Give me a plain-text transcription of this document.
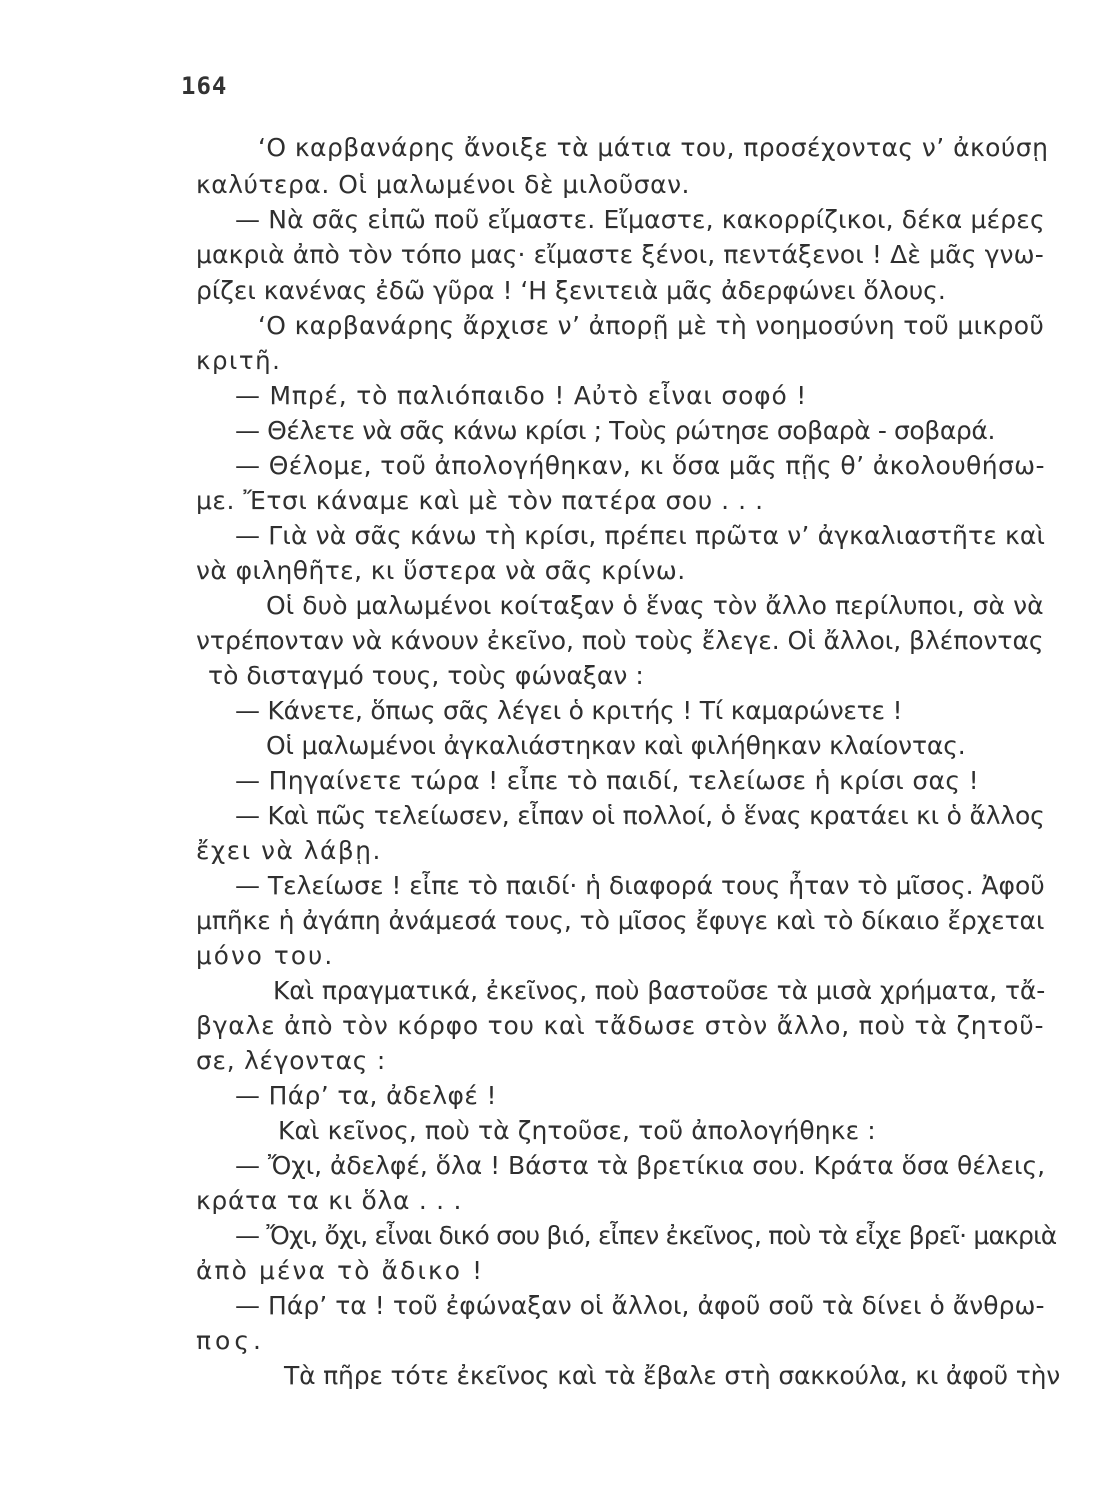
164
‘Ο καρβανάρης ἄνοιξε τὰ μάτια του, προσέχοντας ν’ ἀκούσῃ
καλύτερα. Οἱ μαλωμένοι δὲ μιλοῦσαν.
— Νὰ σᾶς εἰπῶ ποῦ εἴμαστε. Εἴμαστε, κακορρίζικοι, δέκα μέρες
μακριὰ ἀπὸ τὸν τόπο μας· εἴμαστε ξένοι, πεντάξενοι ! Δὲ μᾶς γνω-
ρίζει κανένας ἐδῶ γῦρα ! ‘Η ξενιτειὰ μᾶς ἀδερφώνει ὅλους.
‘Ο καρβανάρης ἄρχισε ν’ ἀπορῇ μὲ τὴ νοημοσύνη τοῦ μικροῦ
κριτῆ.
— Μπρέ, τὸ παλιόπαιδο ! Αὐτὸ εἶναι σοφό !
— Θέλετε νὰ σᾶς κάνω κρίσι ; Τοὺς ρώτησε σοβαρὰ - σοβαρά.
— Θέλομε, τοῦ ἀπολογήθηκαν, κι ὅσα μᾶς πῇς θ’ ἀκολουθήσω-
με. Ἔτσι κάναμε καὶ μὲ τὸν πατέρα σου . . .
— Γιὰ νὰ σᾶς κάνω τὴ κρίσι, πρέπει πρῶτα ν’ ἀγκαλιαστῆτε καὶ
νὰ φιληθῆτε, κι ὕστερα νὰ σᾶς κρίνω.
Οἱ δυὸ μαλωμένοι κοίταξαν ὁ ἕνας τὸν ἄλλο περίλυποι, σὰ νὰ
ντρέπονταν νὰ κάνουν ἐκεῖνο, ποὺ τοὺς ἔλεγε. Οἱ ἄλλοι, βλέποντας
τὸ δισταγμό τους, τοὺς φώναξαν :
— Κάνετε, ὅπως σᾶς λέγει ὁ κριτής ! Τί καμαρώνετε !
Οἱ μαλωμένοι ἀγκαλιάστηκαν καὶ φιλήθηκαν κλαίοντας.
— Πηγαίνετε τώρα ! εἶπε τὸ παιδί, τελείωσε ἡ κρίσι σας !
— Καὶ πῶς τελείωσεν, εἶπαν οἱ πολλοί, ὁ ἕνας κρατάει κι ὁ ἄλλος
ἔχει νὰ λάβῃ.
— Τελείωσε ! εἶπε τὸ παιδί· ἡ διαφορά τους ἦταν τὸ μῖσος. Ἀφοῦ
μπῆκε ἡ ἀγάπη ἀνάμεσά τους, τὸ μῖσος ἔφυγε καὶ τὸ δίκαιο ἔρχεται
μόνο του.
Καὶ πραγματικά, ἐκεῖνος, ποὺ βαστοῦσε τὰ μισὰ χρήματα, τἄ-
βγαλε ἀπὸ τὸν κόρφο του καὶ τἄδωσε στὸν ἄλλο, ποὺ τὰ ζητοῦ-
σε, λέγοντας :
— Πάρ’ τα, ἀδελφέ !
Καὶ κεῖνος, ποὺ τὰ ζητοῦσε, τοῦ ἀπολογήθηκε :
— Ὄχι, ἀδελφέ, ὅλα ! Βάστα τὰ βρετίκια σου. Κράτα ὅσα θέλεις,
κράτα τα κι ὅλα . . .
— Ὄχι, ὄχι, εἶναι δικό σου βιό, εἶπεν ἐκεῖνος, ποὺ τὰ εἶχε βρεῖ· μακριὰ
ἀπὸ μένα τὸ ἄδικο !
— Πάρ’ τα ! τοῦ ἐφώναξαν οἱ ἄλλοι, ἀφοῦ σοῦ τὰ δίνει ὁ ἄνθρω-
πος.
Τὰ πῆρε τότε ἐκεῖνος καὶ τὰ ἔβαλε στὴ σακκούλα, κι ἀφοῦ τὴν
